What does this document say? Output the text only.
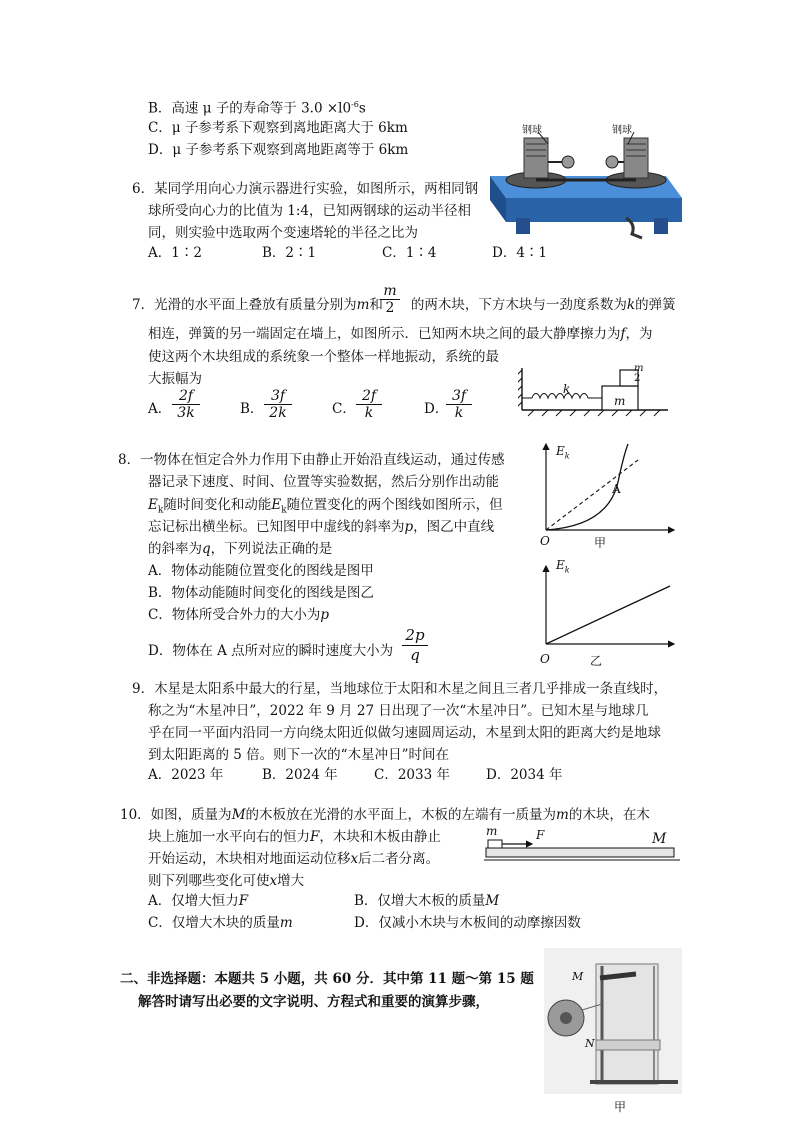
B．高速 μ 子的寿命等于 $3.0 \times l0^{-6}s$
C．μ 子参考系下观察到离地距离大于 6km
D．μ 子参考系下观察到离地距离等于 6km
钢球	钢球
6．某同学用向心力演示器进行实验，如图所示，两相同钢
球所受向心力的比值为 1:4，已知两钢球的运动半径相
同，则实验中选取两个变速塔轮的半径之比为
A．1∶2	B．2∶1	C．1∶4	D．4∶1
7．光滑的水平面上叠放有质量分别为m和 的两木块，下方木块与一劲度系数为k的弹簧
$\frac{m}{2}$
相连，弹簧的另一端固定在墙上，如图所示．已知两木块之间的最大静摩擦力为f，为
使这两个木块组成的系统象一个整体一样地振动，系统的最
大振幅为
A． $\frac{2f}{3k}$	B． $\frac{3f}{2k}$	C． $\frac{2f}{k}$	D．
$\frac{3f}{k}$	k
m
m
2
8．一物体在恒定合外力作用下由静止开始沿直线运动，通过传感
器记录下速度、时间、位置等实验数据，然后分别作出动能
$E_k$随时间变化和动能$E_k$随位置变化的两个图线如图所示，但
忘记标出横坐标。已知图甲中虚线的斜率为p，图乙中直线
的斜率为q，下列说法正确的是
A．物体动能随位置变化的图线是图甲
B．物体动能随时间变化的图线是图乙
C．物体所受合外力的大小为p
D．物体在 A 点所对应的瞬时速度大小为 $\frac{2p}{q}$
$E_k$
A
O	甲
$E_k$
O	乙
9．木星是太阳系中最大的行星，当地球位于太阳和木星之间且三者几乎排成一条直线时，
称之为“木星冲日”，2022 年 9 月 27 日出现了一次“木星冲日”。已知木星与地球几
乎在同一平面内沿同一方向绕太阳近似做匀速圆周运动，木星到太阳的距离大约是地球
到太阳距离的 5 倍。则下一次的“木星冲日”时间在
A．2023 年	B．2024 年	C．2033 年	D．2034 年
10．如图，质量为M的木板放在光滑的水平面上，木板的左端有一质量为m的木块，在木
块上施加一水平向右的恒力F，木块和木板由静止
开始运动，木块相对地面运动位移x后二者分离。
则下列哪些变化可使x增大
A．仅增大恒力F	B．仅增大木板的质量M
C．仅增大木块的质量m	D．仅减小木块与木板间的动摩擦因数
m	F	M
二、非选择题：本题共 5 小题，共 60 分．其中第 11 题～第 15 题
解答时请写出必要的文字说明、方程式和重要的演算步骤，
M
N
甲
